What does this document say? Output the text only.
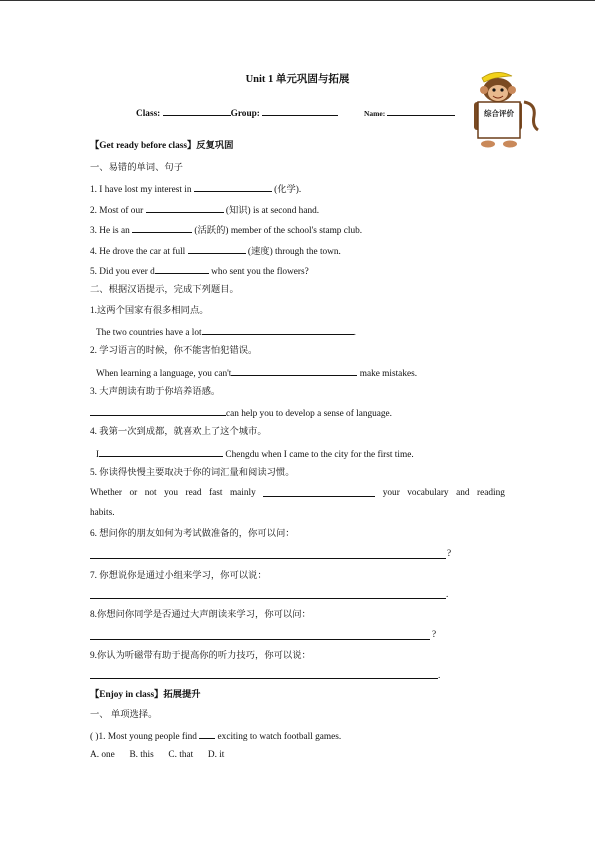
Unit 1 单元巩固与拓展
Class:	Group:	Name:	综合评价
【Get ready before class】反复巩固
一、易错的单词、句子
1. I have lost my interest in	(化学).
2. Most of our	(知识) is at second hand.
3. He is an	(活跃的) member of the school's stamp club.
4. He drove the car at full	(速度) through the town.
5. Did you ever d	who sent you the flowers?
二、根据汉语提示，完成下列题目。
1.这两个国家有很多相同点。
The two countries have a lot	.
2. 学习语言的时候，你不能害怕犯错误。
When learning a language, you can't	make mistakes.
3. 大声朗读有助于你培养语感。
can help you to develop a sense of language.
4. 我第一次到成都，就喜欢上了这个城市。
I	Chengdu when I came to the city for the first time.
5. 你读得快慢主要取决于你的词汇量和阅读习惯。
Whether or not you read fast mainly	your vocabulary and reading
habits.
6. 想问你的朋友如何为考试做准备的，你可以问：
?
7. 你想说你是通过小组来学习，你可以说：
.
8.你想问你同学是否通过大声朗读来学习，你可以问：
?
9.你认为听磁带有助于提高你的听力技巧，你可以说：
.
【Enjoy in class】拓展提升
一、 单项选择。
( )1. Most young people find  exciting to watch football games.
A. one B. this C. that D. it
